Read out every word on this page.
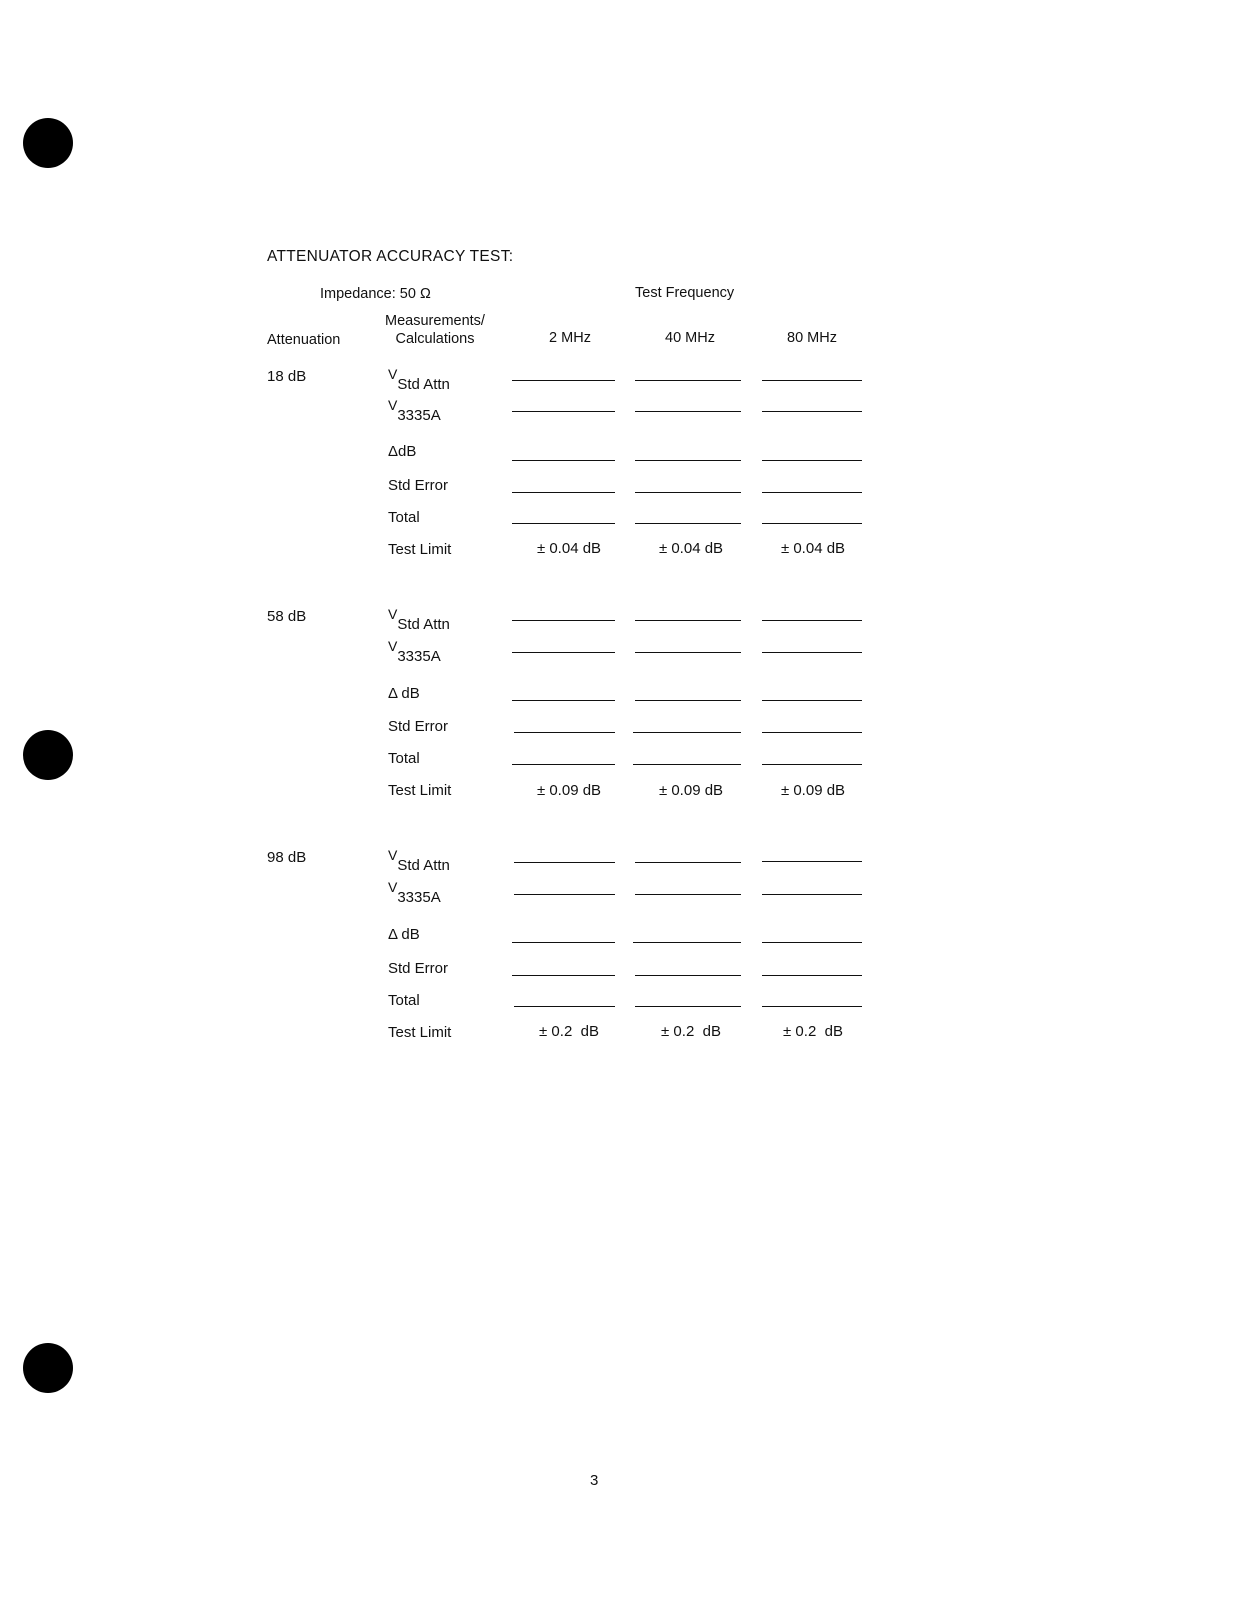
ATTENUATOR ACCURACY TEST:
Impedance: 50 Ω	Test Frequency
Attenuation
Measurements/
Calculations	2 MHz	40 MHz	80 MHz
18 dB	VStd Attn
V3335A
ΔdB
Std Error
Total
Test Limit	± 0.04 dB	± 0.04 dB	± 0.04 dB
58 dB	VStd Attn
V3335A
Δ dB
Std Error
Total
Test Limit	± 0.09 dB	± 0.09 dB	± 0.09 dB
98 dB	VStd Attn
V3335A
Δ dB
Std Error
Total
Test Limit	± 0.2  dB	± 0.2  dB	± 0.2  dB
3
